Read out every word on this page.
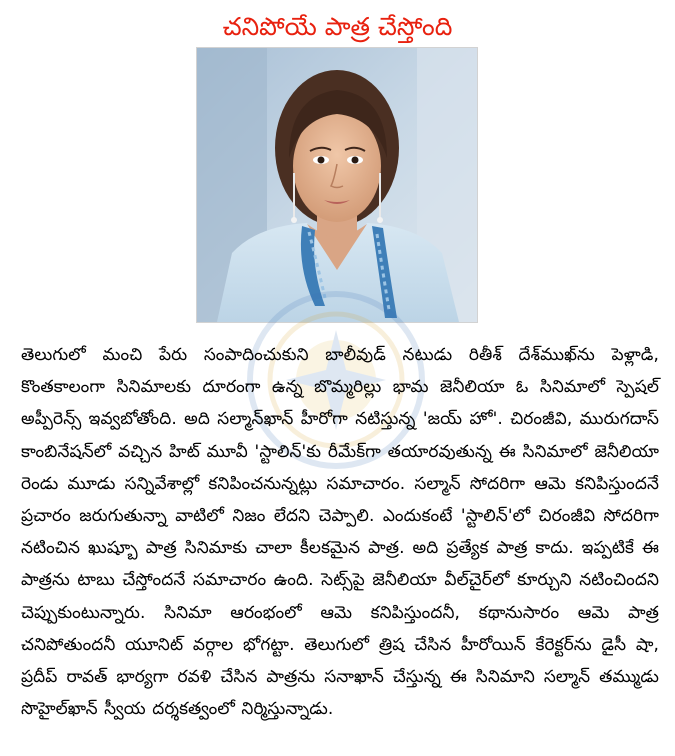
చనిపోయే పాత్ర చేస్తోంది

తెలుగులో మంచి పేరు సంపాదించుకుని బాలీవుడ్ నటుడు రితీశ్ దేశ్‌ముఖ్‌ను పెళ్లాడి, కొంతకాలంగా సినిమాలకు దూరంగా ఉన్న బొమ్మరిల్లు భామ జెనీలియా ఓ సినిమాలో స్పెషల్ అప్పీరెన్స్ ఇవ్వబోతోంది. అది సల్మాన్‌ఖాన్ హీరోగా నటిస్తున్న 'జయ్ హో'. చిరంజీవి, మురుగదాస్ కాంబినేషన్‌లో వచ్చిన హిట్ మూవీ 'స్టాలిన్'కు రీమేక్‌గా తయారవుతున్న ఈ సినిమాలో జెనీలియా రెండు మూడు సన్నివేశాల్లో కనిపించనున్నట్లు సమాచారం. సల్మాన్ సోదరిగా ఆమె కనిపిస్తుందనే ప్రచారం జరుగుతున్నా వాటిలో నిజం లేదని చెప్పాలి. ఎందుకంటే 'స్టాలిన్'లో చిరంజీవి సోదరిగా నటించిన ఖుష్బూ పాత్ర సినిమాకు చాలా కీలకమైన పాత్ర. అది ప్రత్యేక పాత్ర కాదు. ఇప్పటికే ఈ పాత్రను టాబు చేస్తోందనే సమాచారం ఉంది. సెట్స్‌పై జెనీలియా వీల్‌చైర్‌లో కూర్చుని నటించిందని చెప్పుకుంటున్నారు. సినిమా ఆరంభంలో ఆమె కనిపిస్తుందనీ, కథానుసారం ఆమె పాత్ర చనిపోతుందనీ యూనిట్ వర్గాల భోగట్టా. తెలుగులో త్రిష చేసిన హీరోయిన్ కేరెక్టర్‌ను డైసీ షా, ప్రదీప్ రావత్ భార్యగా రవళి చేసిన పాత్రను సనాఖాన్ చేస్తున్న ఈ సినిమాని సల్మాన్ తమ్ముడు సొహైల్‌ఖాన్ స్వీయ దర్శకత్వంలో నిర్మిస్తున్నాడు.
